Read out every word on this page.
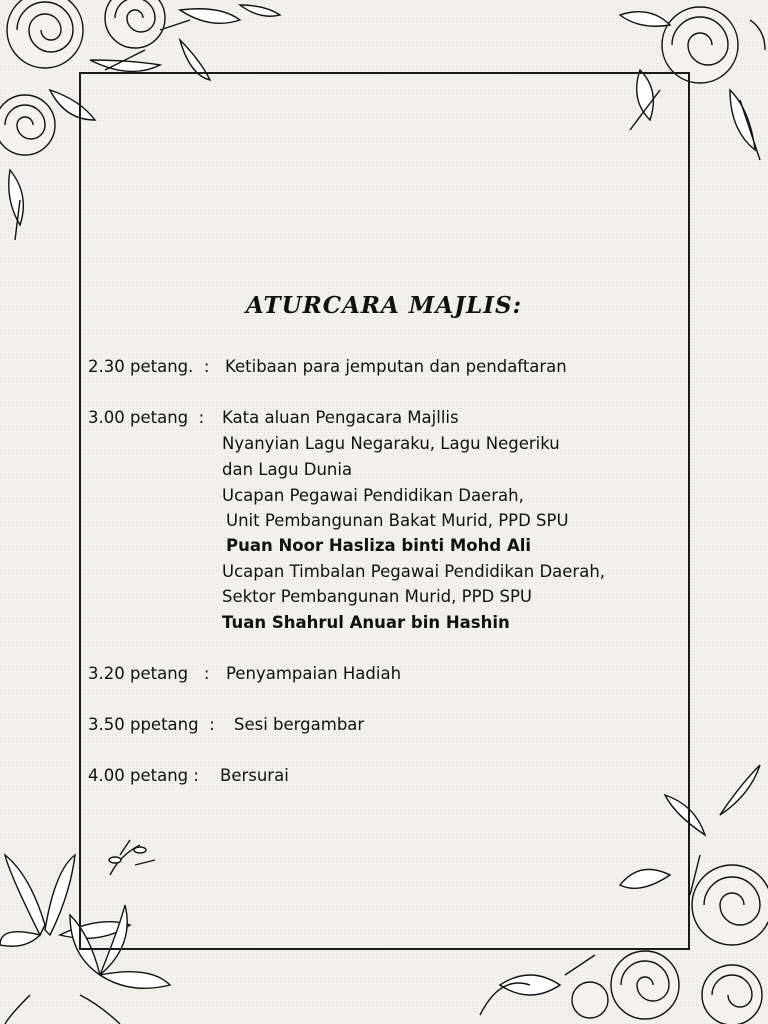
ATURCARA MAJLIS:
2.30 petang.  : Ketibaan para jemputan dan pendaftaran
3.00 petang  : Kata aluan Pengacara Majllis
Nyanyian Lagu Negaraku, Lagu Negeriku
dan Lagu Dunia
Ucapan Pegawai Pendidikan Daerah,
Unit Pembangunan Bakat Murid, PPD SPU
Puan Noor Hasliza binti Mohd Ali
Ucapan Timbalan Pegawai Pendidikan Daerah,
Sektor Pembangunan Murid, PPD SPU
Tuan Shahrul Anuar bin Hashin
3.20 petang   : Penyampaian Hadiah
3.50 ppetang  : Sesi bergambar
4.00 petang : Bersurai
